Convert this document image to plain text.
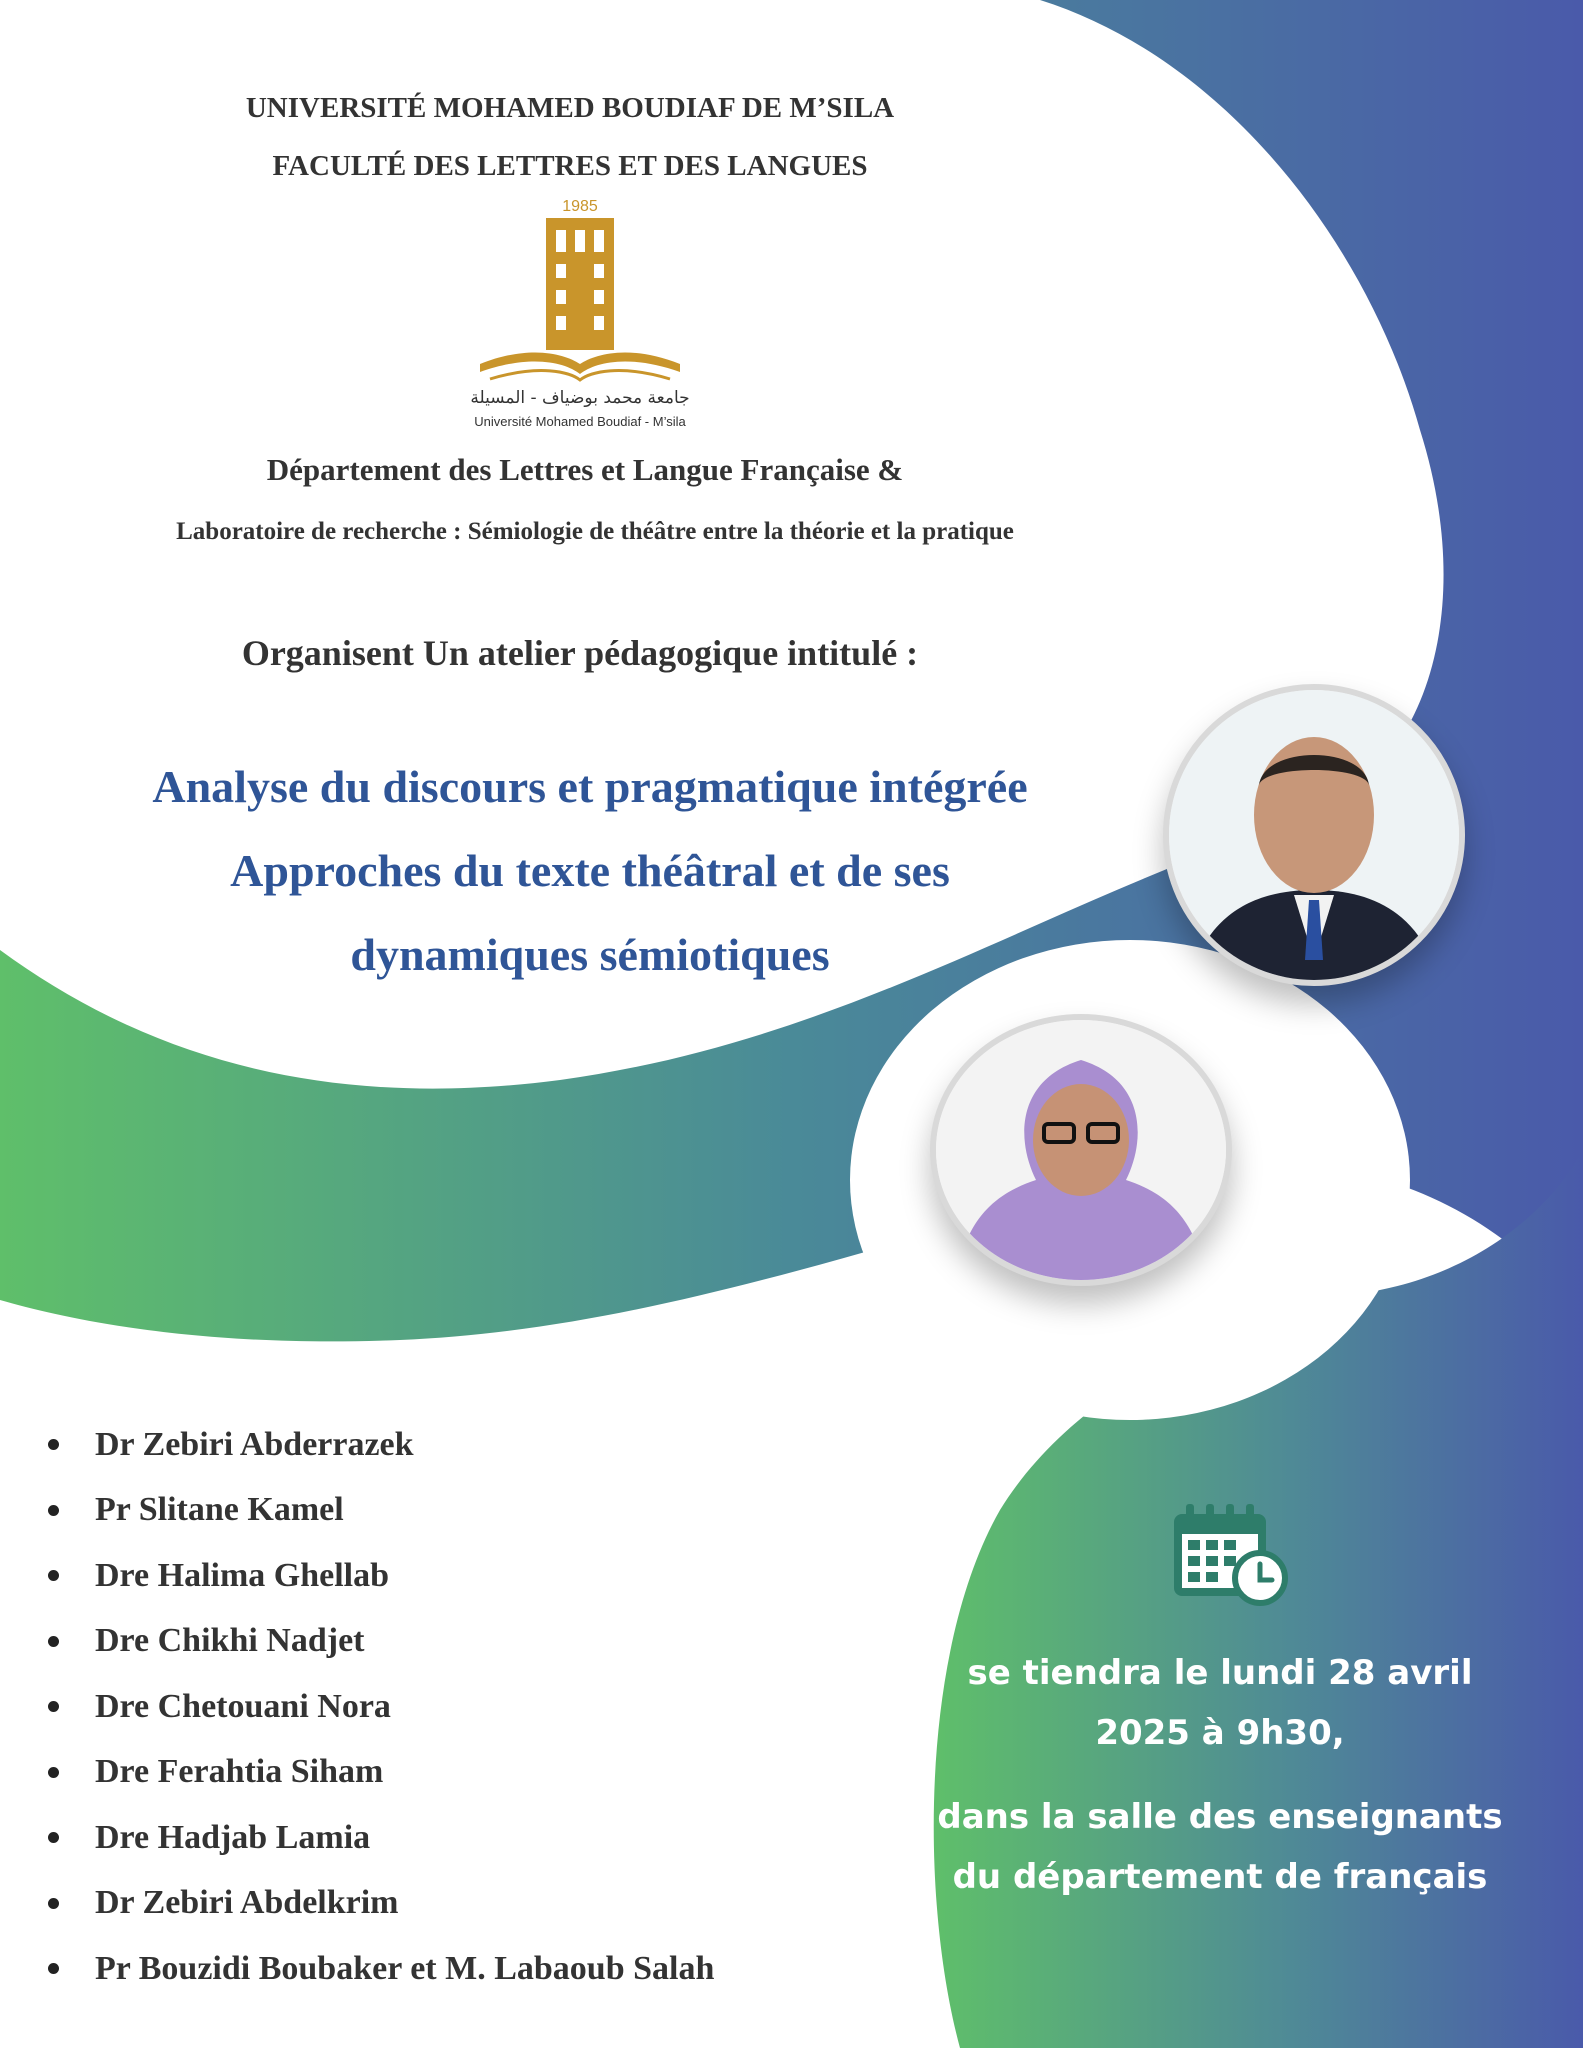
UNIVERSITÉ MOHAMED BOUDIAF DE M’SILA
FACULTÉ DES LETTRES ET DES LANGUES
1985
جامعة محمد بوضياف - المسيلة
Université Mohamed Boudiaf - M’sila
Département des Lettres et Langue Française &
Laboratoire de recherche : Sémiologie de théâtre entre la théorie et la pratique
Organisent Un atelier pédagogique intitulé :
Analyse du discours et pragmatique intégrée
Approches du texte théâtral et de ses
dynamiques sémiotiques
Dr Zebiri Abderrazek
Pr Slitane Kamel
Dre Halima Ghellab
Dre Chikhi Nadjet
Dre Chetouani Nora
Dre Ferahtia Siham
Dre Hadjab Lamia
Dr Zebiri Abdelkrim
Pr Bouzidi Boubaker et M. Labaoub Salah
se tiendra le lundi 28 avril
2025 à 9h30,
dans la salle des enseignants
du département de français
